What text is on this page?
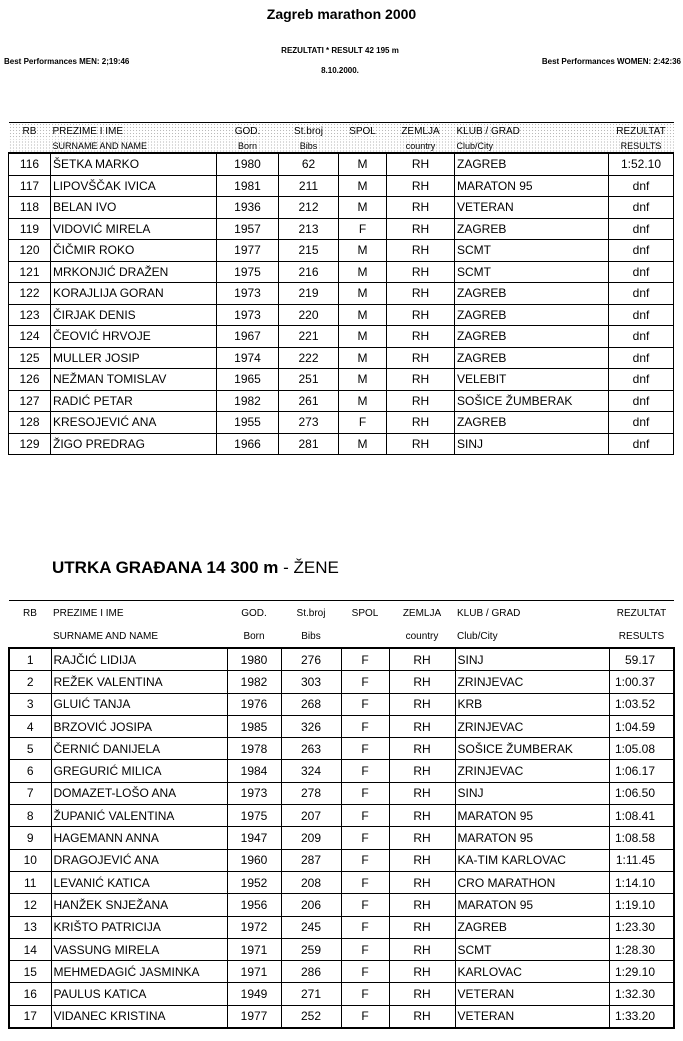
Zagreb marathon 2000
REZULTATI * RESULT 42 195 m
8.10.2000.
Best Performances MEN: 2;19:46	Best Performances WOMEN: 2:42:36
RB	PREZIME I IME	GOD.	St.broj	SPOL	ZEMLJA	KLUB / GRAD	REZULTAT
	SURNAME AND NAME	Born	Bibs		country	Club/City	RESULTS
116	ŠETKA MARKO	1980	62	M	RH	ZAGREB	1:52.10
117	LIPOVŠČAK IVICA	1981	211	M	RH	MARATON 95	dnf
118	BELAN IVO	1936	212	M	RH	VETERAN	dnf
119	VIDOVIĆ MIRELA	1957	213	F	RH	ZAGREB	dnf
120	ČIČMIR ROKO	1977	215	M	RH	SCMT	dnf
121	MRKONJIĆ DRAŽEN	1975	216	M	RH	SCMT	dnf
122	KORAJLIJA GORAN	1973	219	M	RH	ZAGREB	dnf
123	ČIRJAK DENIS	1973	220	M	RH	ZAGREB	dnf
124	ČEOVIĆ HRVOJE	1967	221	M	RH	ZAGREB	dnf
125	MULLER JOSIP	1974	222	M	RH	ZAGREB	dnf
126	NEŽMAN TOMISLAV	1965	251	M	RH	VELEBIT	dnf
127	RADIĆ PETAR	1982	261	M	RH	SOŠICE ŽUMBERAK	dnf
128	KRESOJEVIĆ ANA	1955	273	F	RH	ZAGREB	dnf
129	ŽIGO PREDRAG	1966	281	M	RH	SINJ	dnf
UTRKA GRAĐANA 14 300 m - ŽENE
RB	PREZIME I IME	GOD.	St.broj	SPOL	ZEMLJA	KLUB / GRAD	REZULTAT
	SURNAME AND NAME	Born	Bibs		country	Club/City	RESULTS
1	RAJČIĆ LIDIJA	1980	276	F	RH	SINJ	59.17
2	REŽEK VALENTINA	1982	303	F	RH	ZRINJEVAC	1:00.37
3	GLUIĆ TANJA	1976	268	F	RH	KRB	1:03.52
4	BRZOVIĆ JOSIPA	1985	326	F	RH	ZRINJEVAC	1:04.59
5	ČERNIĆ DANIJELA	1978	263	F	RH	SOŠICE ŽUMBERAK	1:05.08
6	GREGURIĆ MILICA	1984	324	F	RH	ZRINJEVAC	1:06.17
7	DOMAZET-LOŠO ANA	1973	278	F	RH	SINJ	1:06.50
8	ŽUPANIĆ VALENTINA	1975	207	F	RH	MARATON 95	1:08.41
9	HAGEMANN ANNA	1947	209	F	RH	MARATON 95	1:08.58
10	DRAGOJEVIĆ ANA	1960	287	F	RH	KA-TIM KARLOVAC	1:11.45
11	LEVANIĆ KATICA	1952	208	F	RH	CRO MARATHON	1:14.10
12	HANŽEK SNJEŽANA	1956	206	F	RH	MARATON 95	1:19.10
13	KRIŠTO PATRICIJA	1972	245	F	RH	ZAGREB	1:23.30
14	VASSUNG MIRELA	1971	259	F	RH	SCMT	1:28.30
15	MEHMEDAGIĆ JASMINKA	1971	286	F	RH	KARLOVAC	1:29.10
16	PAULUS KATICA	1949	271	F	RH	VETERAN	1:32.30
17	VIDANEC KRISTINA	1977	252	F	RH	VETERAN	1:33.20
